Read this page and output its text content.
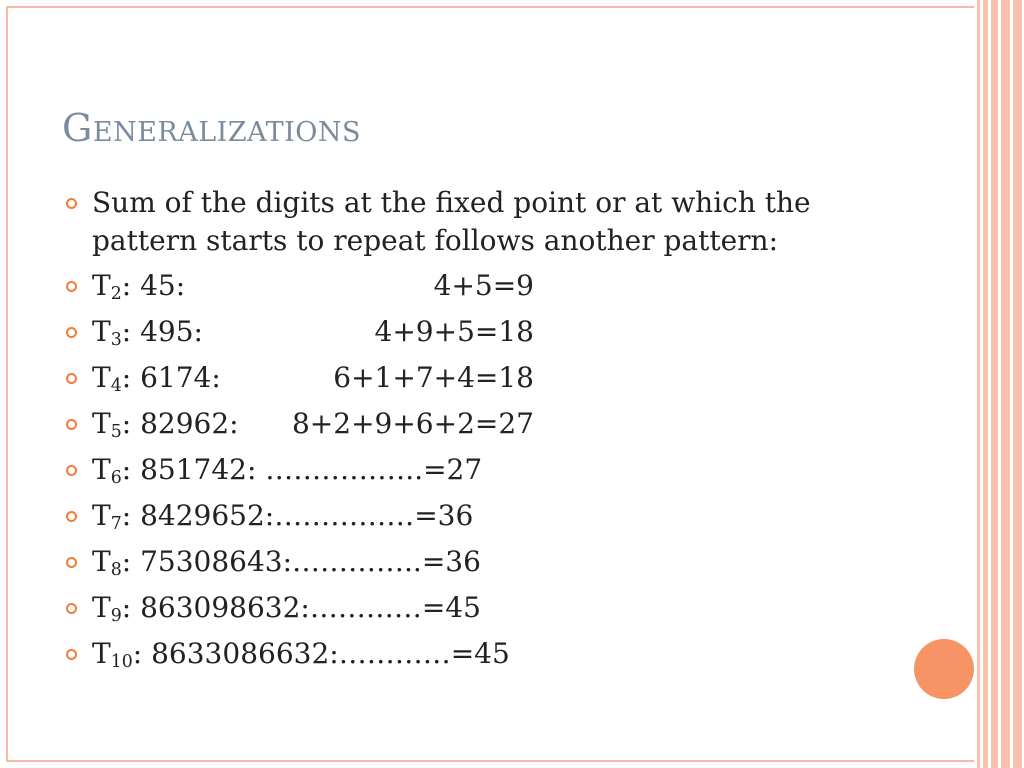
Generalizations
Sum of the digits at the fixed point or at which the pattern starts to repeat follows another pattern:
$T_2$: 45:	4+5=9
$T_3$: 495:	4+9+5=18
$T_4$: 6174:	6+1+7+4=18
$T_5$: 82962: 8+2+9+6+2=27
$T_6$: 851742: ……………..=27
$T_7$: 8429652:……………=36
$T_8$: 75308643:…………..=36
$T_9$: 863098632:…………=45
$T_{10}$: 8633086632:…………=45
